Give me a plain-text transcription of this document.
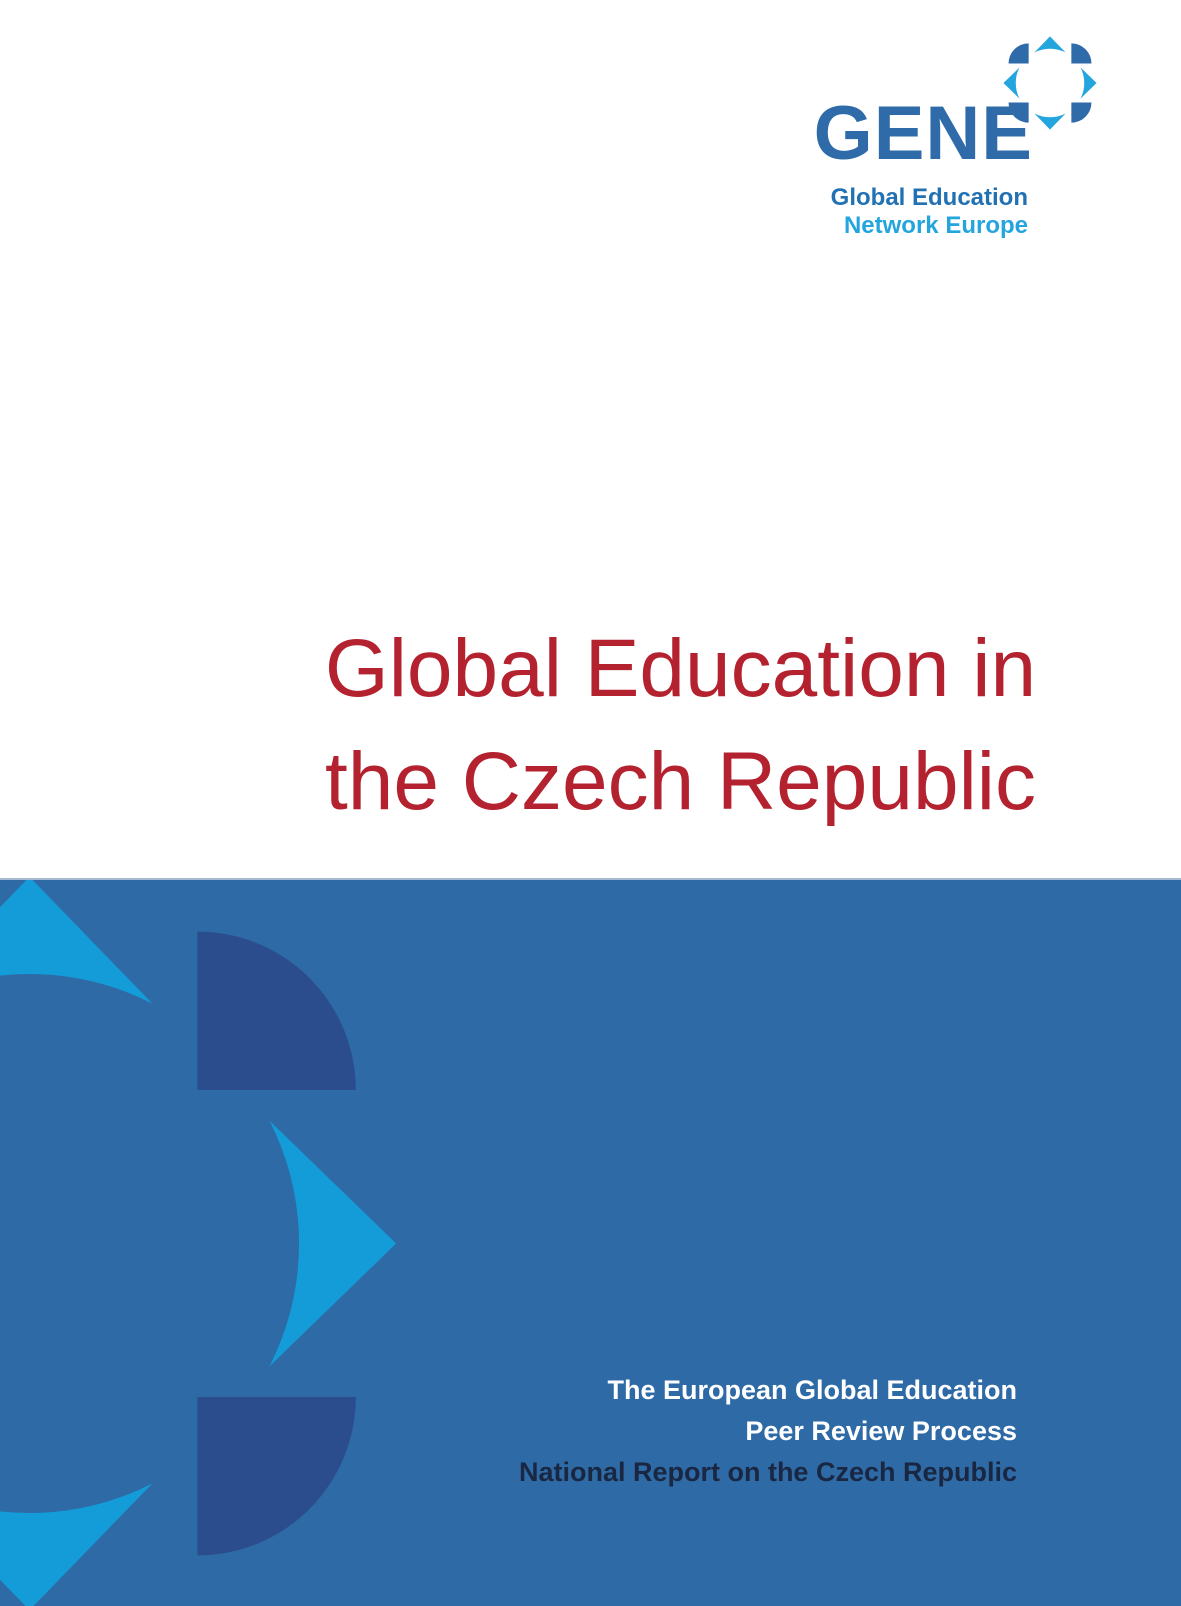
GENE
Global Education
Network Europe
Global Education in
the Czech Republic
The European Global Education
Peer Review Process
National Report on the Czech Republic
